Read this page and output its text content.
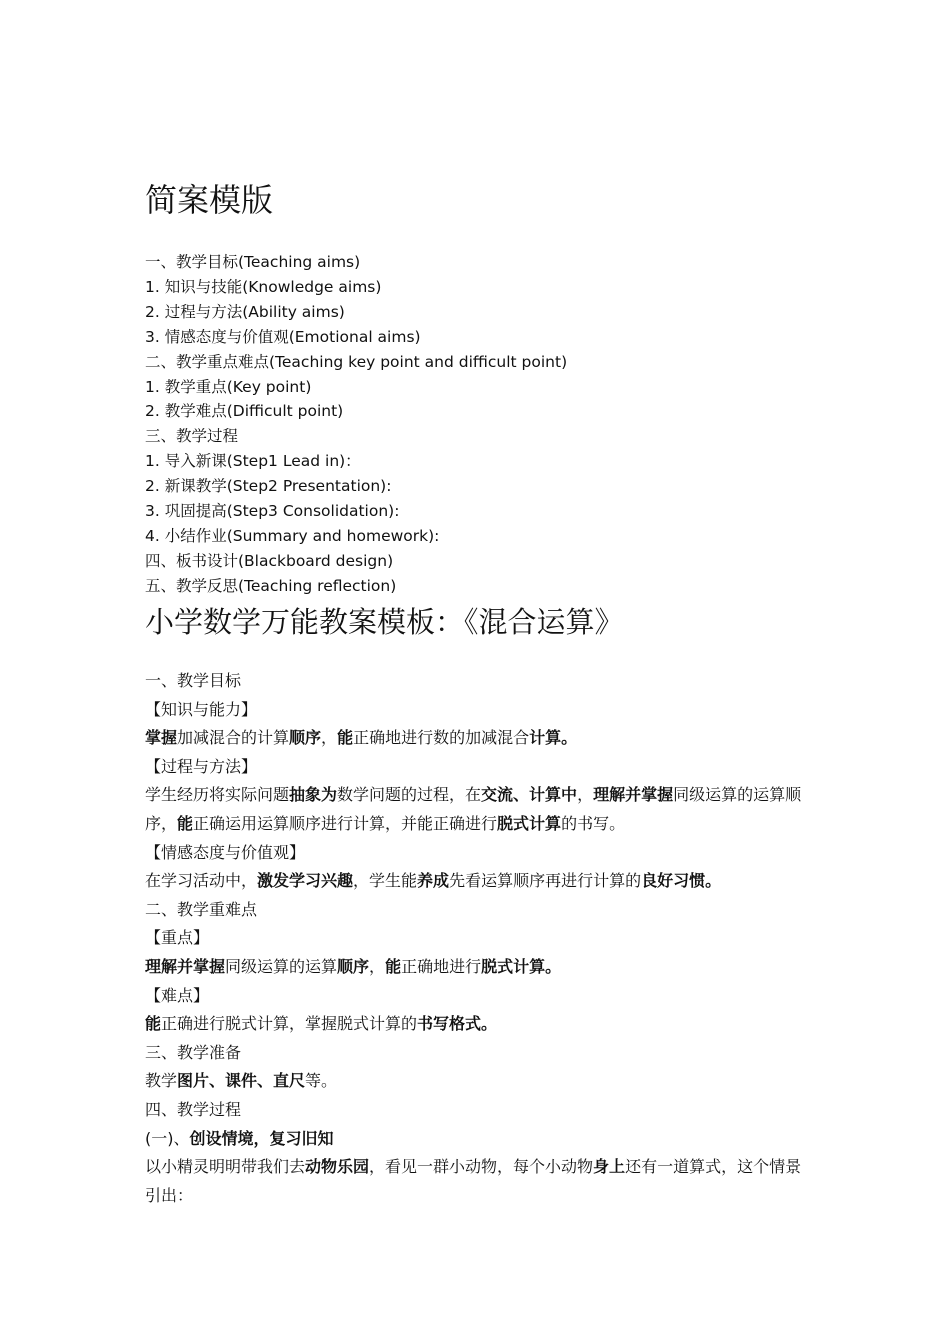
简案模版
一、教学目标(Teaching aims)
1. 知识与技能(Knowledge aims)
2. 过程与方法(Ability aims)
3. 情感态度与价值观(Emotional aims)
二、教学重点难点(Teaching key point and difficult point)
1. 教学重点(Key point)
2. 教学难点(Difficult point)
三、教学过程
1. 导入新课(Step1 Lead in)：
2. 新课教学(Step2 Presentation):
3. 巩固提高(Step3 Consolidation):
4. 小结作业(Summary and homework):
四、板书设计(Blackboard design)
五、教学反思(Teaching reflection)
小学数学万能教案模板：《混合运算》
一、教学目标
【知识与能力】
掌握加减混合的计算顺序，能正确地进行数的加减混合计算。
【过程与方法】
学生经历将实际问题抽象为数学问题的过程，在交流、计算中，理解并掌握同级运算的运算顺序，能正确运用运算顺序进行计算，并能正确进行脱式计算的书写。
【情感态度与价值观】
在学习活动中，激发学习兴趣，学生能养成先看运算顺序再进行计算的良好习惯。
二、教学重难点
【重点】
理解并掌握同级运算的运算顺序，能正确地进行脱式计算。
【难点】
能正确进行脱式计算，掌握脱式计算的书写格式。
三、教学准备
教学图片、课件、直尺等。
四、教学过程
(一)、创设情境，复习旧知
以小精灵明明带我们去动物乐园，看见一群小动物，每个小动物身上还有一道算式，这个情景引出：
